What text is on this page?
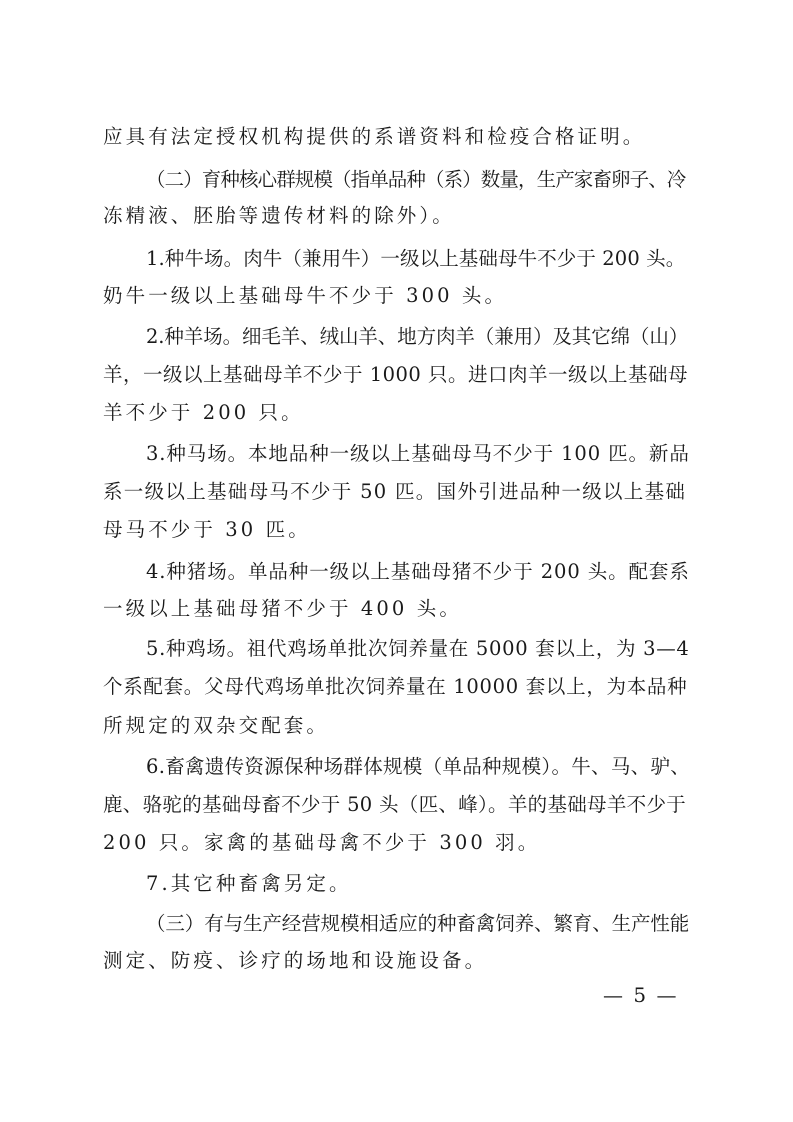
应具有法定授权机构提供的系谱资料和检疫合格证明。
（二）育种核心群规模（指单品种（系）数量，生产家畜卵子、冷
冻精液、胚胎等遗传材料的除外）。
1.种牛场。肉牛（兼用牛）一级以上基础母牛不少于 200 头。
奶牛一级以上基础母牛不少于 300 头。
2.种羊场。细毛羊、绒山羊、地方肉羊（兼用）及其它绵（山）
羊，一级以上基础母羊不少于 1000 只。进口肉羊一级以上基础母
羊不少于 200 只。
3.种马场。本地品种一级以上基础母马不少于 100 匹。新品
系一级以上基础母马不少于 50 匹。国外引进品种一级以上基础
母马不少于 30 匹。
4.种猪场。单品种一级以上基础母猪不少于 200 头。配套系
一级以上基础母猪不少于 400 头。
5.种鸡场。祖代鸡场单批次饲养量在 5000 套以上，为 3—4
个系配套。父母代鸡场单批次饲养量在 10000 套以上，为本品种
所规定的双杂交配套。
6.畜禽遗传资源保种场群体规模（单品种规模）。牛、马、驴、
鹿、骆驼的基础母畜不少于 50 头（匹、峰）。羊的基础母羊不少于
200 只。家禽的基础母禽不少于 300 羽。
7.其它种畜禽另定。
（三）有与生产经营规模相适应的种畜禽饲养、繁育、生产性能
测定、防疫、诊疗的场地和设施设备。
— 5 —
